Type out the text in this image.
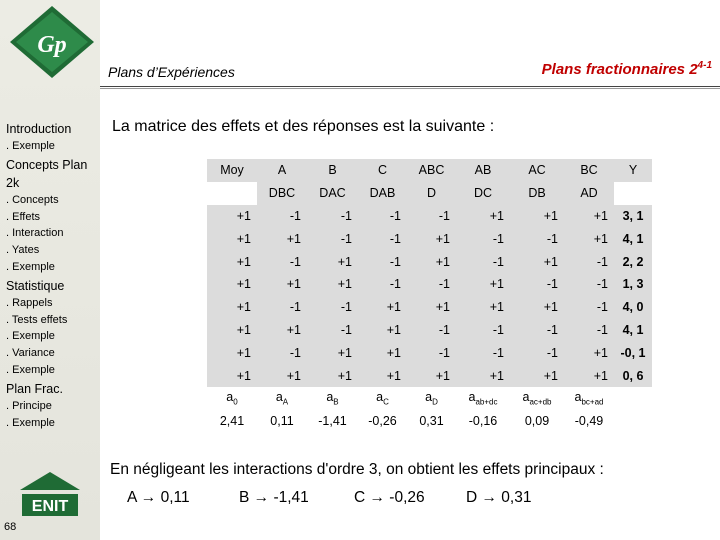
Gp
Introduction
. Exemple
Concepts Plan 2k
. Concepts
. Effets
. Interaction
. Yates
. Exemple
Statistique
. Rappels
. Tests effets
. Exemple
. Variance
. Exemple
Plan Frac.
. Principe
. Exemple
ENIT
68
Plans d’Expériences	Plans fractionnaires 2$^{4-1}$
La matrice des effets et des réponses est la suivante :
Moy	A	B	C	ABC	AB	AC	BC	Y
	DBC	DAC	DAB	D	DC	DB	AD	
+1	-1	-1	-1	-1	+1	+1	+1	3, 1
+1	+1	-1	-1	+1	-1	-1	+1	4, 1
+1	-1	+1	-1	+1	-1	+1	-1	2, 2
+1	+1	+1	-1	-1	+1	-1	-1	1, 3
+1	-1	-1	+1	+1	+1	+1	-1	4, 0
+1	+1	-1	+1	-1	-1	-1	-1	4, 1
+1	-1	+1	+1	-1	-1	-1	+1	-0, 1
+1	+1	+1	+1	+1	+1	+1	+1	0, 6
$a_0$	$a_A$	$a_B$	$a_C$	$a_D$	$a_{ab+dc}$	$a_{ac+db}$	$a_{bc+ad}$	
2,41	0,11	-1,41	-0,26	0,31	-0,16	0,09	-0,49	
En négligeant les interactions d'ordre 3, on obtient les effets principaux :
A → 0,11	B → -1,41	C → -0,26	D → 0,31
